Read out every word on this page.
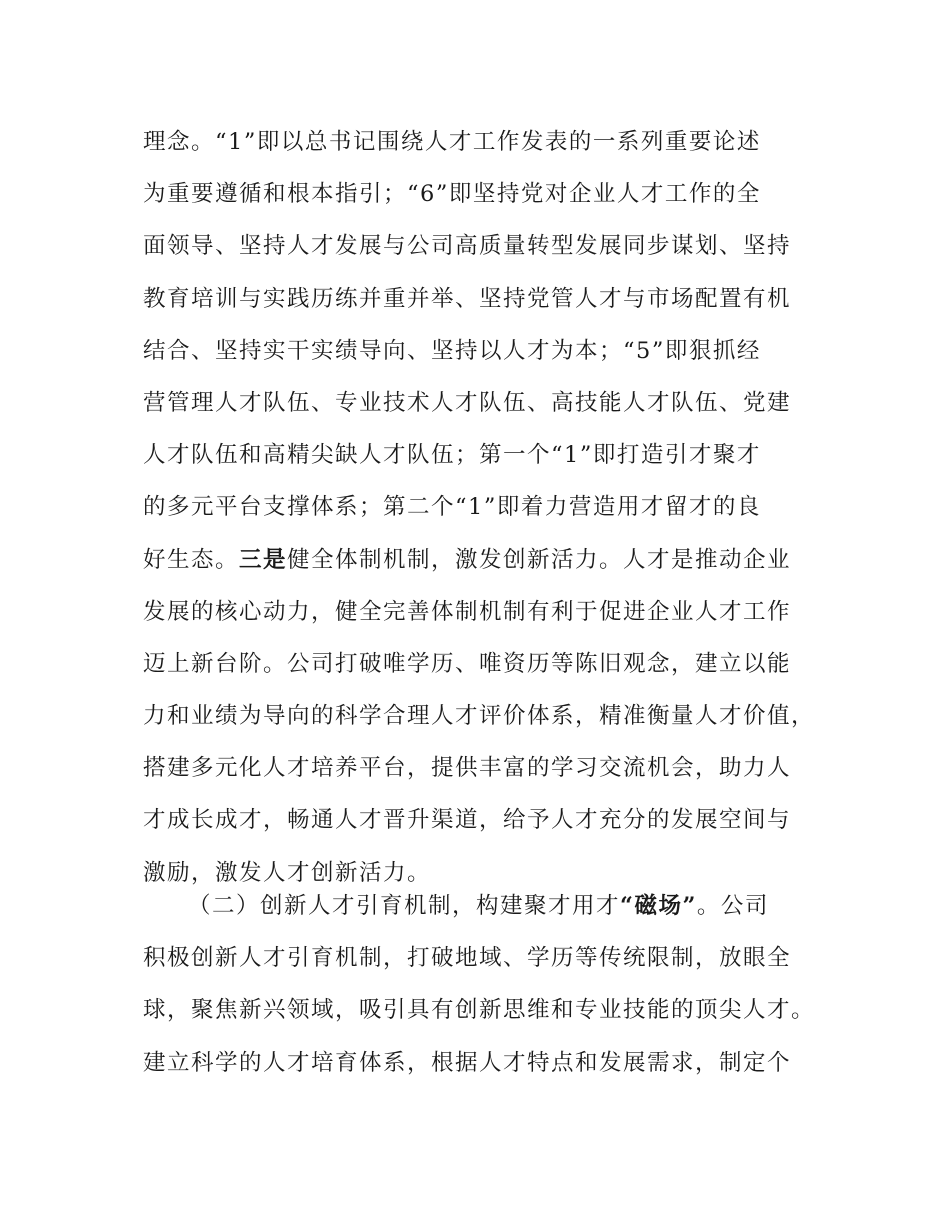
理念。“1”即以总书记围绕人才工作发表的一系列重要论述
为重要遵循和根本指引；“6”即坚持党对企业人才工作的全
面领导、坚持人才发展与公司高质量转型发展同步谋划、坚持
教育培训与实践历练并重并举、坚持党管人才与市场配置有机
结合、坚持实干实绩导向、坚持以人才为本；“5”即狠抓经
营管理人才队伍、专业技术人才队伍、高技能人才队伍、党建
人才队伍和高精尖缺人才队伍；第一个“1”即打造引才聚才
的多元平台支撑体系；第二个“1”即着力营造用才留才的良
好生态。三是健全体制机制，激发创新活力。人才是推动企业
发展的核心动力，健全完善体制机制有利于促进企业人才工作
迈上新台阶。公司打破唯学历、唯资历等陈旧观念，建立以能
力和业绩为导向的科学合理人才评价体系，精准衡量人才价值，
搭建多元化人才培养平台，提供丰富的学习交流机会，助力人
才成长成才，畅通人才晋升渠道，给予人才充分的发展空间与
激励，激发人才创新活力。
（二）创新人才引育机制，构建聚才用才“磁场”。公司
积极创新人才引育机制，打破地域、学历等传统限制，放眼全
球，聚焦新兴领域，吸引具有创新思维和专业技能的顶尖人才。
建立科学的人才培育体系，根据人才特点和发展需求，制定个
